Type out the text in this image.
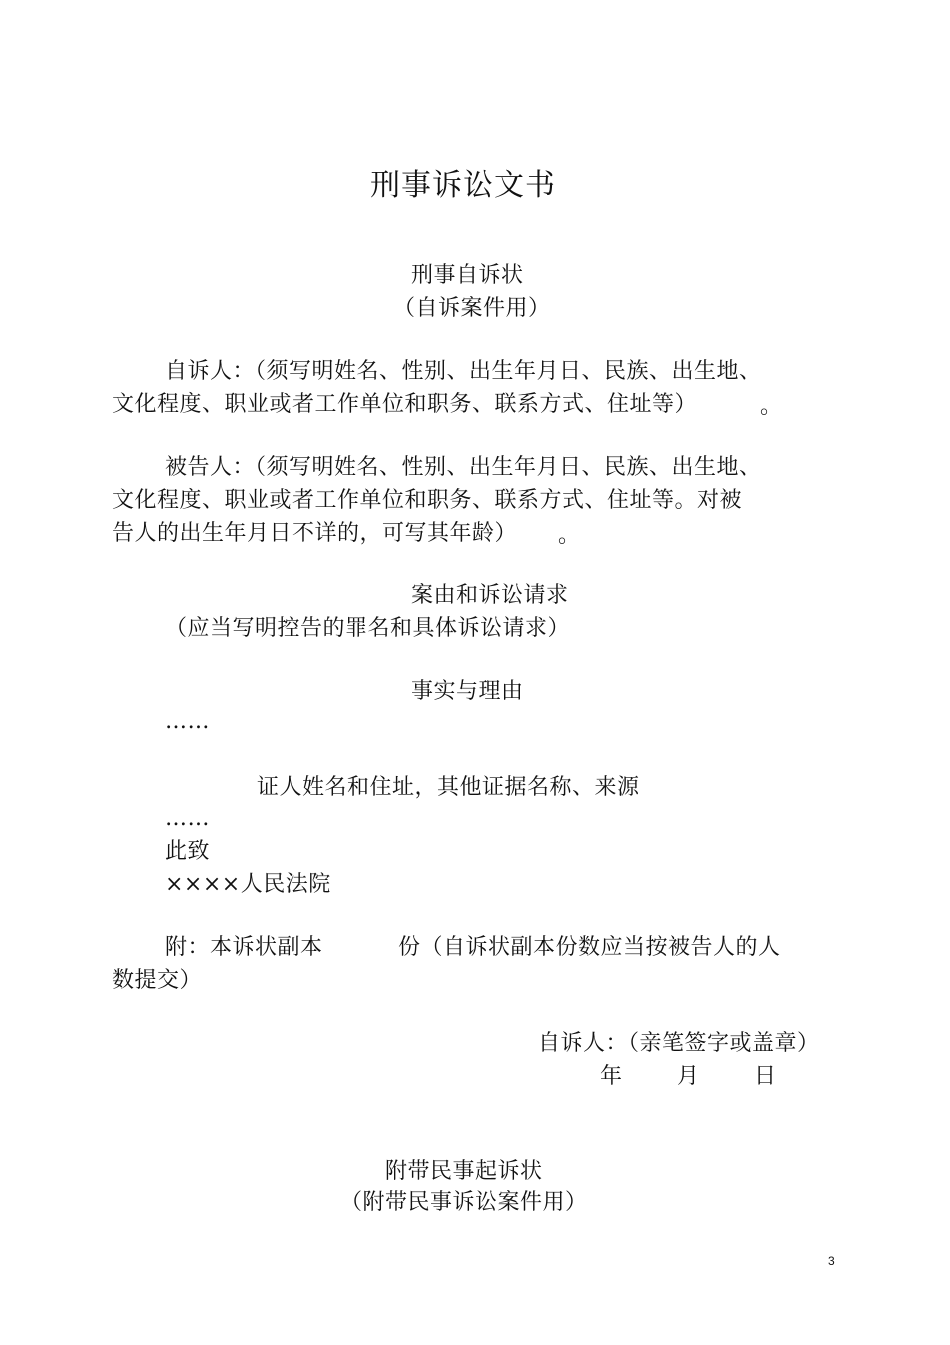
刑事诉讼文书
刑事自诉状
（自诉案件用）
自诉人：（须写明姓名、性别、出生年月日、民族、出生地、
文化程度、职业或者工作单位和职务、联系方式、住址等）	。
被告人：（须写明姓名、性别、出生年月日、民族、出生地、
文化程度、职业或者工作单位和职务、联系方式、住址等。对被
告人的出生年月日不详的，可写其年龄） 。
案由和诉讼请求
（应当写明控告的罪名和具体诉讼请求）
事实与理由
……
证人姓名和住址，其他证据名称、来源
……
此致
××××人民法院
附：本诉状副本	份（自诉状副本份数应当按被告人的人
数提交）
自诉人：（亲笔签字或盖章）
年 月 日
附带民事起诉状
（附带民事诉讼案件用）
3
